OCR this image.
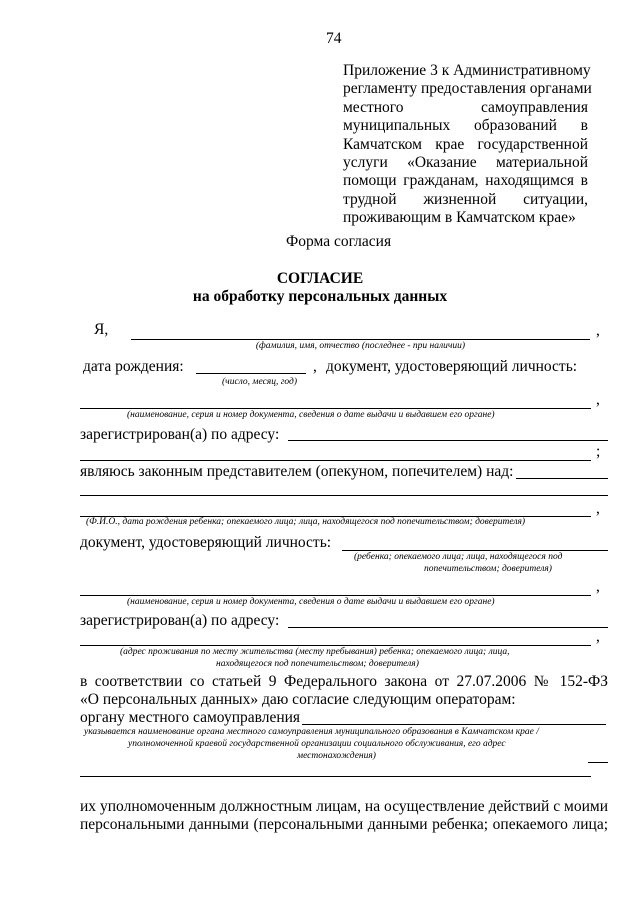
74
Приложение 3 к Административному
регламенту предоставления органами
местного самоуправления
муниципальных образований в
Камчатском крае государственной
услуги «Оказание материальной
помощи гражданам, находящимся в
трудной жизненной ситуации,
проживающим в Камчатском крае»
Форма согласия
СОГЛАСИЕ
на обработку персональных данных
Я,	,
(фамилия, имя, отчество (последнее - при наличии)
дата рождения:	, документ, удостоверяющий личность:
(число, месяц, год)
,
(наименование, серия и номер документа, сведения о дате выдачи и выдавшем его органе)
зарегистрирован(а) по адресу:
;
являюсь законным представителем (опекуном, попечителем) над:
,
(Ф.И.О., дата рождения ребенка; опекаемого лица; лица, находящегося под попечительством; доверителя)
документ, удостоверяющий личность:
(ребенка; опекаемого лица; лица, находящегося под
попечительством; доверителя)
,
(наименование, серия и номер документа, сведения о дате выдачи и выдавшем его органе)
зарегистрирован(а) по адресу:
,
(адрес проживания по месту жительства (месту пребывания) ребенка; опекаемого лица; лица,
находящегося под попечительством; доверителя)
в соответствии со статьей 9 Федерального закона от 27.07.2006 № 152-ФЗ
«О персональных данных» даю согласие следующим операторам:
органу местного самоуправления
указывается наименование органа местного самоуправления муниципального образования в Камчатском крае /
уполномоченной краевой государственной организации социального обслуживания, его адрес
местонахождения)
их уполномоченным должностным лицам, на осуществление действий с моими
персональными данными (персональными данными ребенка; опекаемого лица;
